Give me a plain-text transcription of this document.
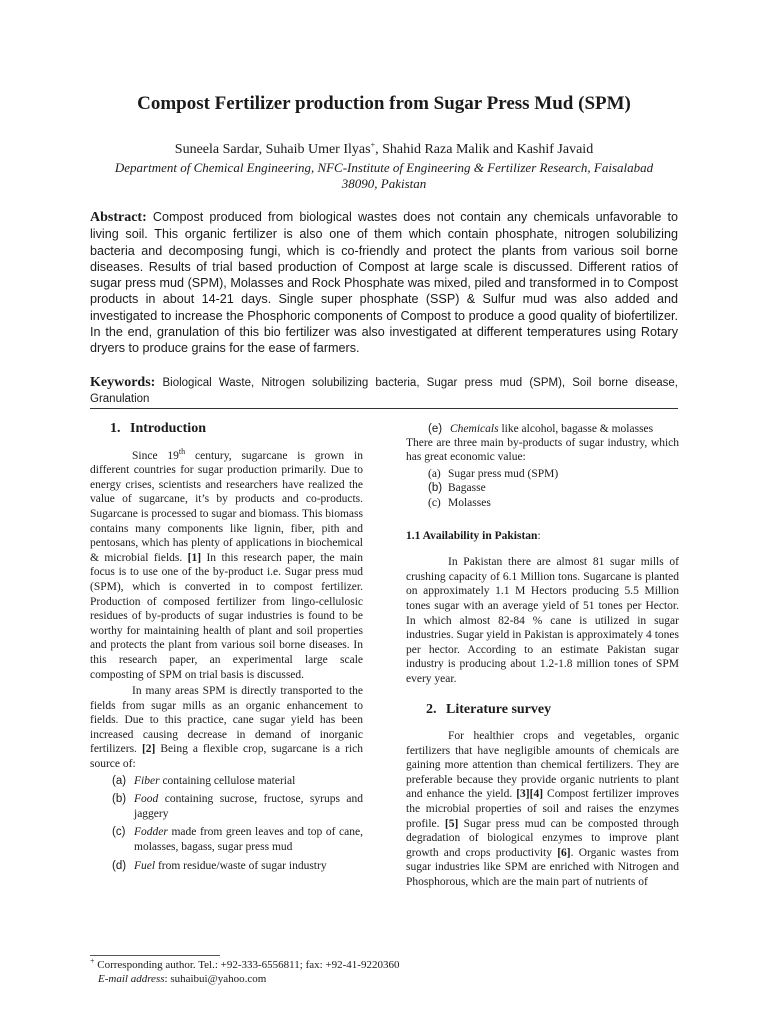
Compost Fertilizer production from Sugar Press Mud (SPM)
Suneela Sardar, Suhaib Umer Ilyas+, Shahid Raza Malik and Kashif Javaid
Department of Chemical Engineering, NFC-Institute of Engineering & Fertilizer Research, Faisalabad
38090, Pakistan
Abstract: Compost produced from biological wastes does not contain any chemicals unfavorable to living soil. This organic fertilizer is also one of them which contain phosphate, nitrogen solubilizing bacteria and decomposing fungi, which is co-friendly and protect the plants from various soil borne diseases. Results of trial based production of Compost at large scale is discussed. Different ratios of sugar press mud (SPM), Molasses and Rock Phosphate was mixed, piled and transformed in to Compost products in about 14-21 days. Single super phosphate (SSP) & Sulfur mud was also added and investigated to increase the Phosphoric components of Compost to produce a good quality of biofertilizer. In the end, granulation of this bio fertilizer was also investigated at different temperatures using Rotary dryers to produce grains for the ease of farmers.
Keywords: Biological Waste, Nitrogen solubilizing bacteria, Sugar press mud (SPM), Soil borne disease, Granulation
1. Introduction

Since 19th century, sugarcane is grown in different countries for sugar production primarily. Due to energy crises, scientists and researchers have realized the value of sugarcane, it’s by products and co-products. Sugarcane is processed to sugar and biomass. This biomass contains many components like lignin, fiber, pith and pentosans, which has plenty of applications in biochemical & microbial fields. [1] In this research paper, the main focus is to use one of the by-product i.e. Sugar press mud (SPM), which is converted in to compost fertilizer. Production of composed fertilizer from lingo-cellulosic residues of by-products of sugar industries is found to be worthy for maintaining health of plant and soil properties and protects the plant from various soil borne diseases. In this research paper, an experimental large scale composting of SPM on trial basis is discussed.

In many areas SPM is directly transported to the fields from sugar mills as an organic enhancement to fields. Due to this practice, cane sugar yield has been increased causing decrease in demand of inorganic fertilizers. [2] Being a flexible crop, sugarcane is a rich source of:

(a) Fiber containing cellulose material
(b) Food containing sucrose, fructose, syrups and jaggery
(c) Fodder made from green leaves and top of cane, molasses, bagass, sugar press mud
(d) Fuel from residue/waste of sugar industry
(e) Chemicals like alcohol, bagasse & molasses
There are three main by-products of sugar industry, which has great economic value:
(a) Sugar press mud (SPM)
(b) Bagasse
(c) Molasses
1.1 Availability in Pakistan:

In Pakistan there are almost 81 sugar mills of crushing capacity of 6.1 Million tons. Sugarcane is planted on approximately 1.1 M Hectors producing 5.5 Million tones sugar with an average yield of 51 tones per Hector. In which almost 82-84 % cane is utilized in sugar industries. Sugar yield in Pakistan is approximately 4 tones per hector. According to an estimate Pakistan sugar industry is producing about 1.2-1.8 million tones of SPM every year.

2. Literature survey

For healthier crops and vegetables, organic fertilizers that have negligible amounts of chemicals are gaining more attention than chemical fertilizers. They are preferable because they provide organic nutrients to plant and enhance the yield. [3][4] Compost fertilizer improves the microbial properties of soil and raises the enzymes profile. [5] Sugar press mud can be composted through degradation of biological enzymes to improve plant growth and crops productivity [6]. Organic wastes from sugar industries like SPM are enriched with Nitrogen and Phosphorous, which are the main part of nutrients of

+ Corresponding author. Tel.: +92-333-6556811; fax: +92-41-9220360
E-mail address: suhaibui@yahoo.com
